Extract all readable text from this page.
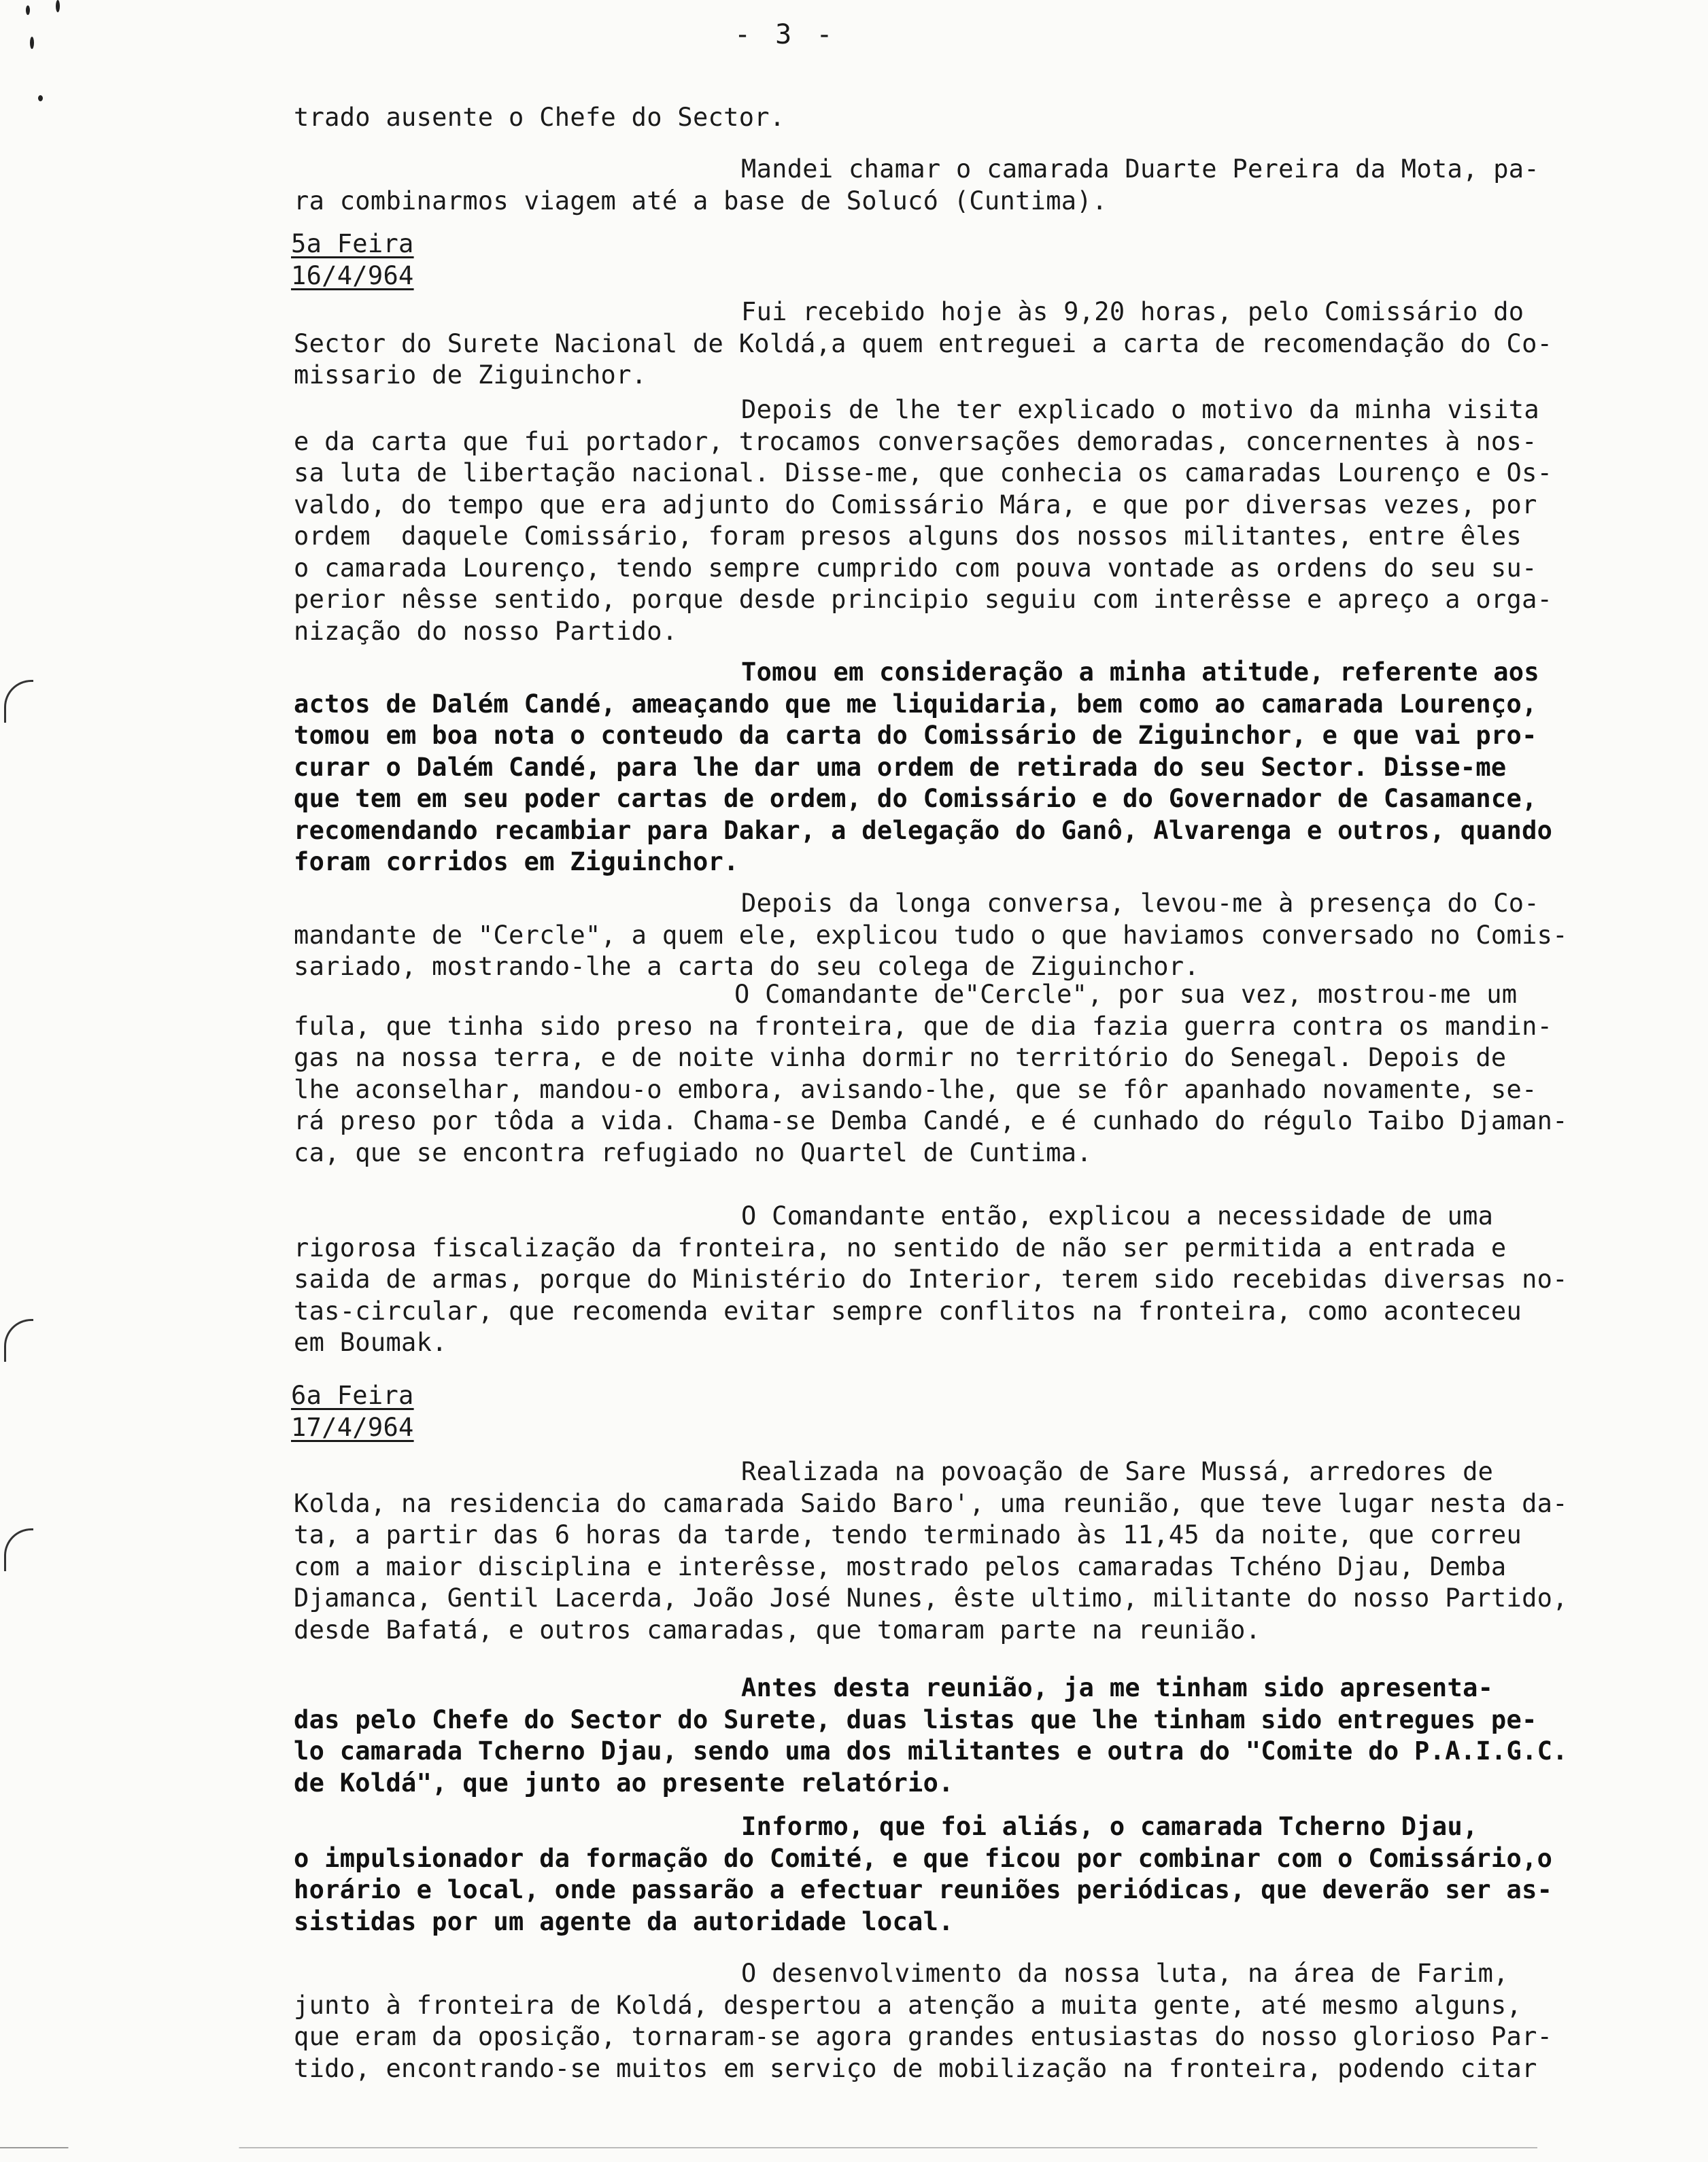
- 3 -
trado ausente o Chefe do Sector.
Mandei chamar o camarada Duarte Pereira da Mota, pa-
ra combinarmos viagem até a base de Solucó (Cuntima).
5a Feira
16/4/964
Fui recebido hoje às 9,20 horas, pelo Comissário do
Sector do Surete Nacional de Koldá,a quem entreguei a carta de recomendação do Co-
missario de Ziguinchor.
Depois de lhe ter explicado o motivo da minha visita
e da carta que fui portador, trocamos conversações demoradas, concernentes à nos-
sa luta de libertação nacional. Disse-me, que conhecia os camaradas Lourenço e Os-
valdo, do tempo que era adjunto do Comissário Mára, e que por diversas vezes, por
ordem  daquele Comissário, foram presos alguns dos nossos militantes, entre êles
o camarada Lourenço, tendo sempre cumprido com pouva vontade as ordens do seu su-
perior nêsse sentido, porque desde principio seguiu com interêsse e apreço a orga-
nização do nosso Partido.
Tomou em consideração a minha atitude, referente aos
actos de Dalém Candé, ameaçando que me liquidaria, bem como ao camarada Lourenço,
tomou em boa nota o conteudo da carta do Comissário de Ziguinchor, e que vai pro-
curar o Dalém Candé, para lhe dar uma ordem de retirada do seu Sector. Disse-me
que tem em seu poder cartas de ordem, do Comissário e do Governador de Casamance,
recomendando recambiar para Dakar, a delegação do Ganô, Alvarenga e outros, quando
foram corridos em Ziguinchor.
Depois da longa conversa, levou-me à presença do Co-
mandante de "Cercle", a quem ele, explicou tudo o que haviamos conversado no Comis-
sariado, mostrando-lhe a carta do seu colega de Ziguinchor.
O Comandante de"Cercle", por sua vez, mostrou-me um
fula, que tinha sido preso na fronteira, que de dia fazia guerra contra os mandin-
gas na nossa terra, e de noite vinha dormir no território do Senegal. Depois de
lhe aconselhar, mandou-o embora, avisando-lhe, que se fôr apanhado novamente, se-
rá preso por tôda a vida. Chama-se Demba Candé, e é cunhado do régulo Taibo Djaman-
ca, que se encontra refugiado no Quartel de Cuntima.
O Comandante então, explicou a necessidade de uma
rigorosa fiscalização da fronteira, no sentido de não ser permitida a entrada e
saida de armas, porque do Ministério do Interior, terem sido recebidas diversas no-
tas-circular, que recomenda evitar sempre conflitos na fronteira, como aconteceu
em Boumak.
6a Feira
17/4/964
Realizada na povoação de Sare Mussá, arredores de
Kolda, na residencia do camarada Saido Baro', uma reunião, que teve lugar nesta da-
ta, a partir das 6 horas da tarde, tendo terminado às 11,45 da noite, que correu
com a maior disciplina e interêsse, mostrado pelos camaradas Tchéno Djau, Demba
Djamanca, Gentil Lacerda, João José Nunes, êste ultimo, militante do nosso Partido,
desde Bafatá, e outros camaradas, que tomaram parte na reunião.
Antes desta reunião, ja me tinham sido apresenta-
das pelo Chefe do Sector do Surete, duas listas que lhe tinham sido entregues pe-
lo camarada Tcherno Djau, sendo uma dos militantes e outra do "Comite do P.A.I.G.C.
de Koldá", que junto ao presente relatório.
Informo, que foi aliás, o camarada Tcherno Djau,
o impulsionador da formação do Comité, e que ficou por combinar com o Comissário,o
horário e local, onde passarão a efectuar reuniões periódicas, que deverão ser as-
sistidas por um agente da autoridade local.
O desenvolvimento da nossa luta, na área de Farim,
junto à fronteira de Koldá, despertou a atenção a muita gente, até mesmo alguns,
que eram da oposição, tornaram-se agora grandes entusiastas do nosso glorioso Par-
tido, encontrando-se muitos em serviço de mobilização na fronteira, podendo citar
